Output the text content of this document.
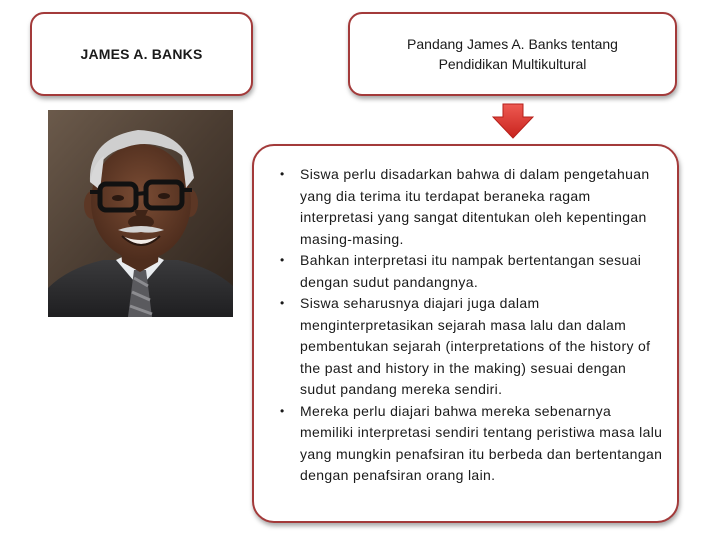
JAMES A. BANKS
Pandang James A. Banks tentang Pendidikan Multikultural
• Siswa perlu disadarkan bahwa di dalam pengetahuan yang dia terima itu terdapat beraneka ragam interpretasi yang sangat ditentukan oleh kepentingan masing-masing.
• Bahkan interpretasi itu nampak bertentangan sesuai dengan sudut pandangnya.
• Siswa seharusnya diajari juga dalam menginterpretasikan sejarah masa lalu dan dalam pembentukan sejarah (interpretations of the history of the past and history in the making) sesuai dengan sudut pandang mereka sendiri.
• Mereka perlu diajari bahwa mereka sebenarnya memiliki interpretasi sendiri tentang peristiwa masa lalu yang mungkin penafsiran itu berbeda dan bertentangan dengan penafsiran orang lain.
